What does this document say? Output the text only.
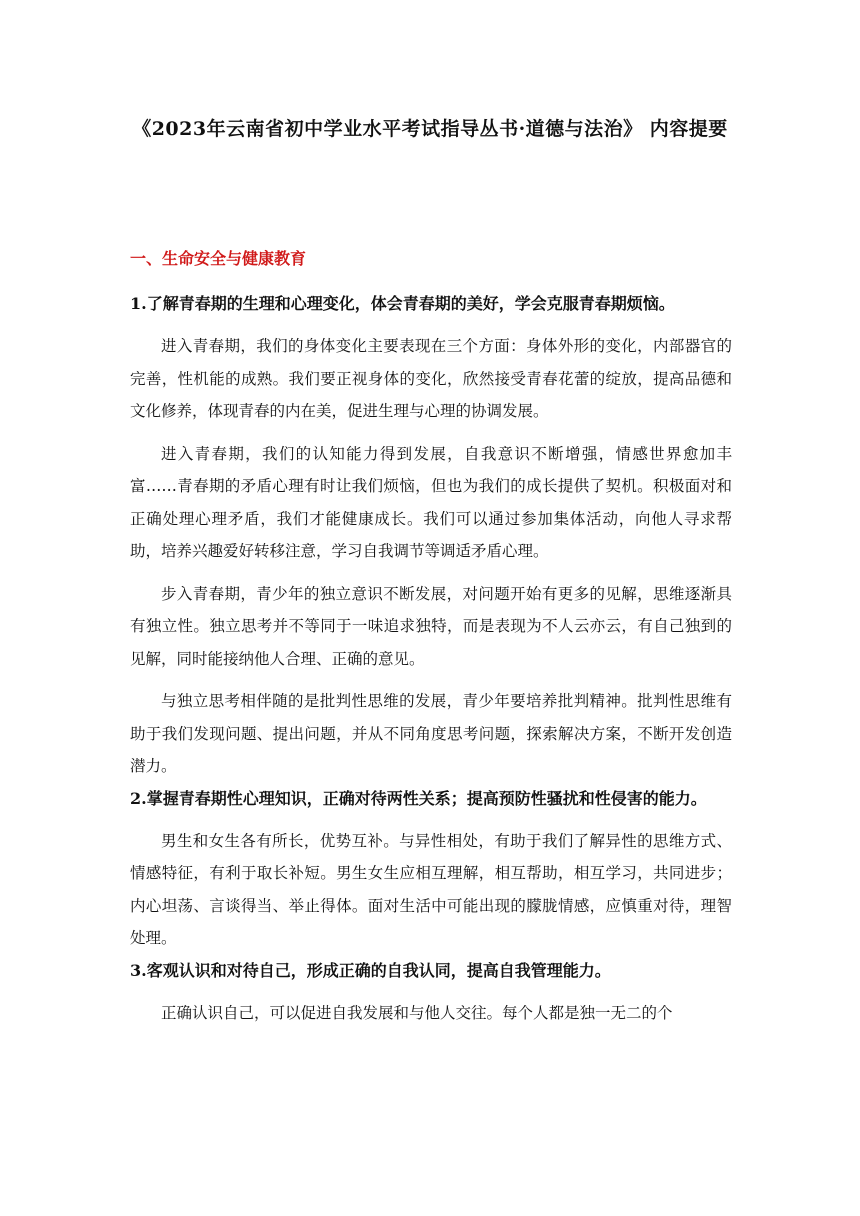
《2023年云南省初中学业水平考试指导丛书·道德与法治》 内容提要
一、生命安全与健康教育

1.了解青春期的生理和心理变化，体会青春期的美好，学会克服青春期烦恼。

进入青春期，我们的身体变化主要表现在三个方面：身体外形的变化，内部器官的完善，性机能的成熟。我们要正视身体的变化，欣然接受青春花蕾的绽放，提高品德和文化修养，体现青春的内在美，促进生理与心理的协调发展。

进入青春期，我们的认知能力得到发展，自我意识不断增强，情感世界愈加丰富……青春期的矛盾心理有时让我们烦恼，但也为我们的成长提供了契机。积极面对和正确处理心理矛盾，我们才能健康成长。我们可以通过参加集体活动，向他人寻求帮助，培养兴趣爱好转移注意，学习自我调节等调适矛盾心理。

步入青春期，青少年的独立意识不断发展，对问题开始有更多的见解，思维逐渐具有独立性。独立思考并不等同于一味追求独特，而是表现为不人云亦云，有自己独到的见解，同时能接纳他人合理、正确的意见。

与独立思考相伴随的是批判性思维的发展，青少年要培养批判精神。批判性思维有助于我们发现问题、提出问题，并从不同角度思考问题，探索解决方案，不断开发创造潜力。

2.掌握青春期性心理知识，正确对待两性关系；提高预防性骚扰和性侵害的能力。

男生和女生各有所长，优势互补。与异性相处，有助于我们了解异性的思维方式、情感特征，有利于取长补短。男生女生应相互理解，相互帮助，相互学习，共同进步；内心坦荡、言谈得当、举止得体。面对生活中可能出现的朦胧情感，应慎重对待，理智处理。

3.客观认识和对待自己，形成正确的自我认同，提高自我管理能力。

正确认识自己，可以促进自我发展和与他人交往。每个人都是独一无二的个
